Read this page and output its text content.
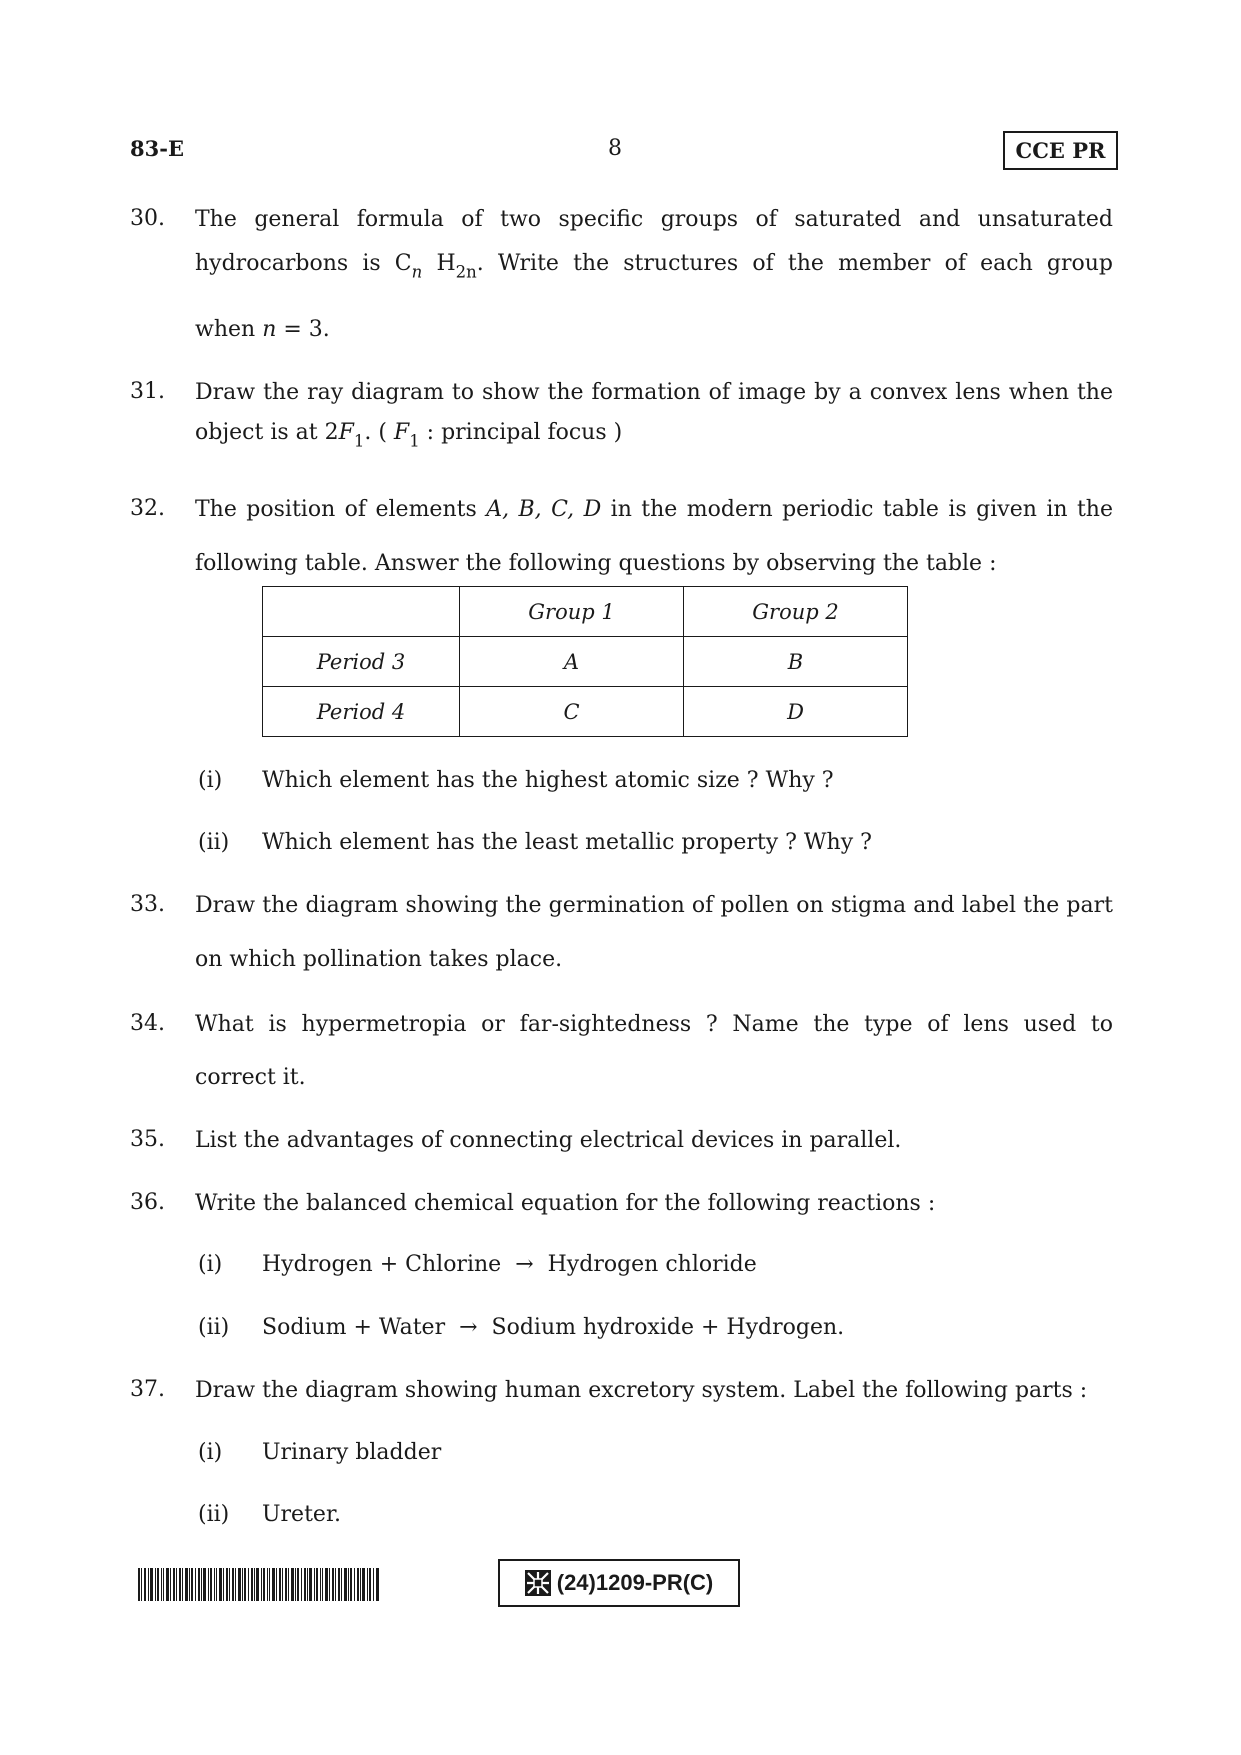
83-E	8	CCE PR
30. The general formula of two specific groups of saturated and unsaturated
hydrocarbons is $C_n$ $H_{2n}$. Write the structures of the member of each group
when n = 3.
31. Draw the ray diagram to show the formation of image by a convex lens when the
object is at $2F_1$. ( $F_1$ : principal focus )
32. The position of elements A, B, C, D in the modern periodic table is given in the
following table. Answer the following questions by observing the table :
	Group 1	Group 2
Period 3	A	B
Period 4	C	D
(i) Which element has the highest atomic size ? Why ?
(ii) Which element has the least metallic property ? Why ?
33. Draw the diagram showing the germination of pollen on stigma and label the part
on which pollination takes place.
34. What is hypermetropia or far-sightedness ? Name the type of lens used to
correct it.
35. List the advantages of connecting electrical devices in parallel.
36. Write the balanced chemical equation for the following reactions :
(i) Hydrogen + Chlorine → Hydrogen chloride
(ii) Sodium + Water → Sodium hydroxide + Hydrogen.
37. Draw the diagram showing human excretory system. Label the following parts :
(i) Urinary bladder
(ii) Ureter.
(24)1209-PR(C)
